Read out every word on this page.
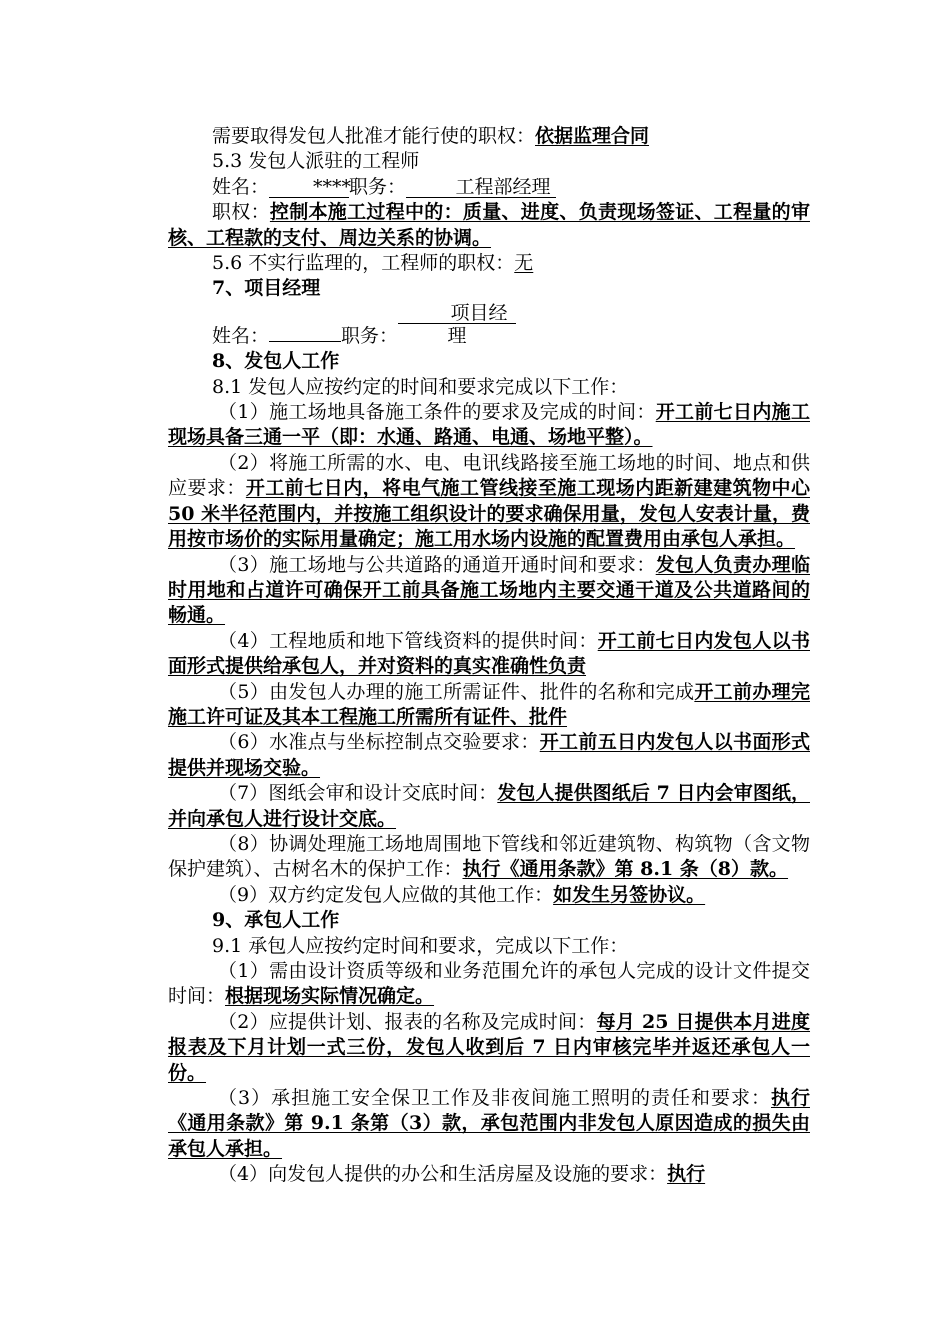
需要取得发包人批准才能行使的职权：依据监理合同

5.3 发包人派驻的工程师

姓名： ****职务：	工程部经理

职权：控制本施工过程中的：质量、进度、负责现场签证、工程量的审核、工程款的支付、周边关系的协调。

5.6 不实行监理的，工程师的职权：无

7、项目经理

姓名：	职务：项目经理

8、发包人工作

8.1 发包人应按约定的时间和要求完成以下工作：

（1）施工场地具备施工条件的要求及完成的时间：开工前七日内施工现场具备三通一平（即：水通、路通、电通、场地平整）。

（2）将施工所需的水、电、电讯线路接至施工场地的时间、地点和供应要求：开工前七日内，将电气施工管线接至施工现场内距新建建筑物中心 50 米半径范围内，并按施工组织设计的要求确保用量，发包人安表计量，费用按市场价的实际用量确定；施工用水场内设施的配置费用由承包人承担。

（3）施工场地与公共道路的通道开通时间和要求：发包人负责办理临时用地和占道许可确保开工前具备施工场地内主要交通干道及公共道路间的畅通。

（4）工程地质和地下管线资料的提供时间：开工前七日内发包人以书面形式提供给承包人，并对资料的真实准确性负责

（5）由发包人办理的施工所需证件、批件的名称和完成开工前办理完施工许可证及其本工程施工所需所有证件、批件

（6）水准点与坐标控制点交验要求：开工前五日内发包人以书面形式提供并现场交验。

（7）图纸会审和设计交底时间：发包人提供图纸后 7 日内会审图纸，并向承包人进行设计交底。

（8）协调处理施工场地周围地下管线和邻近建筑物、构筑物（含文物保护建筑）、古树名木的保护工作：执行《通用条款》第 8.1 条（8）款。

（9）双方约定发包人应做的其他工作：如发生另签协议。

9、承包人工作

9.1 承包人应按约定时间和要求，完成以下工作：

（1）需由设计资质等级和业务范围允许的承包人完成的设计文件提交时间：根据现场实际情况确定。

（2）应提供计划、报表的名称及完成时间：每月 25 日提供本月进度报表及下月计划一式三份，发包人收到后 7 日内审核完毕并返还承包人一份。

（3）承担施工安全保卫工作及非夜间施工照明的责任和要求：执行《通用条款》第 9.1 条第（3）款，承包范围内非发包人原因造成的损失由承包人承担。

（4）向发包人提供的办公和生活房屋及设施的要求：执行
